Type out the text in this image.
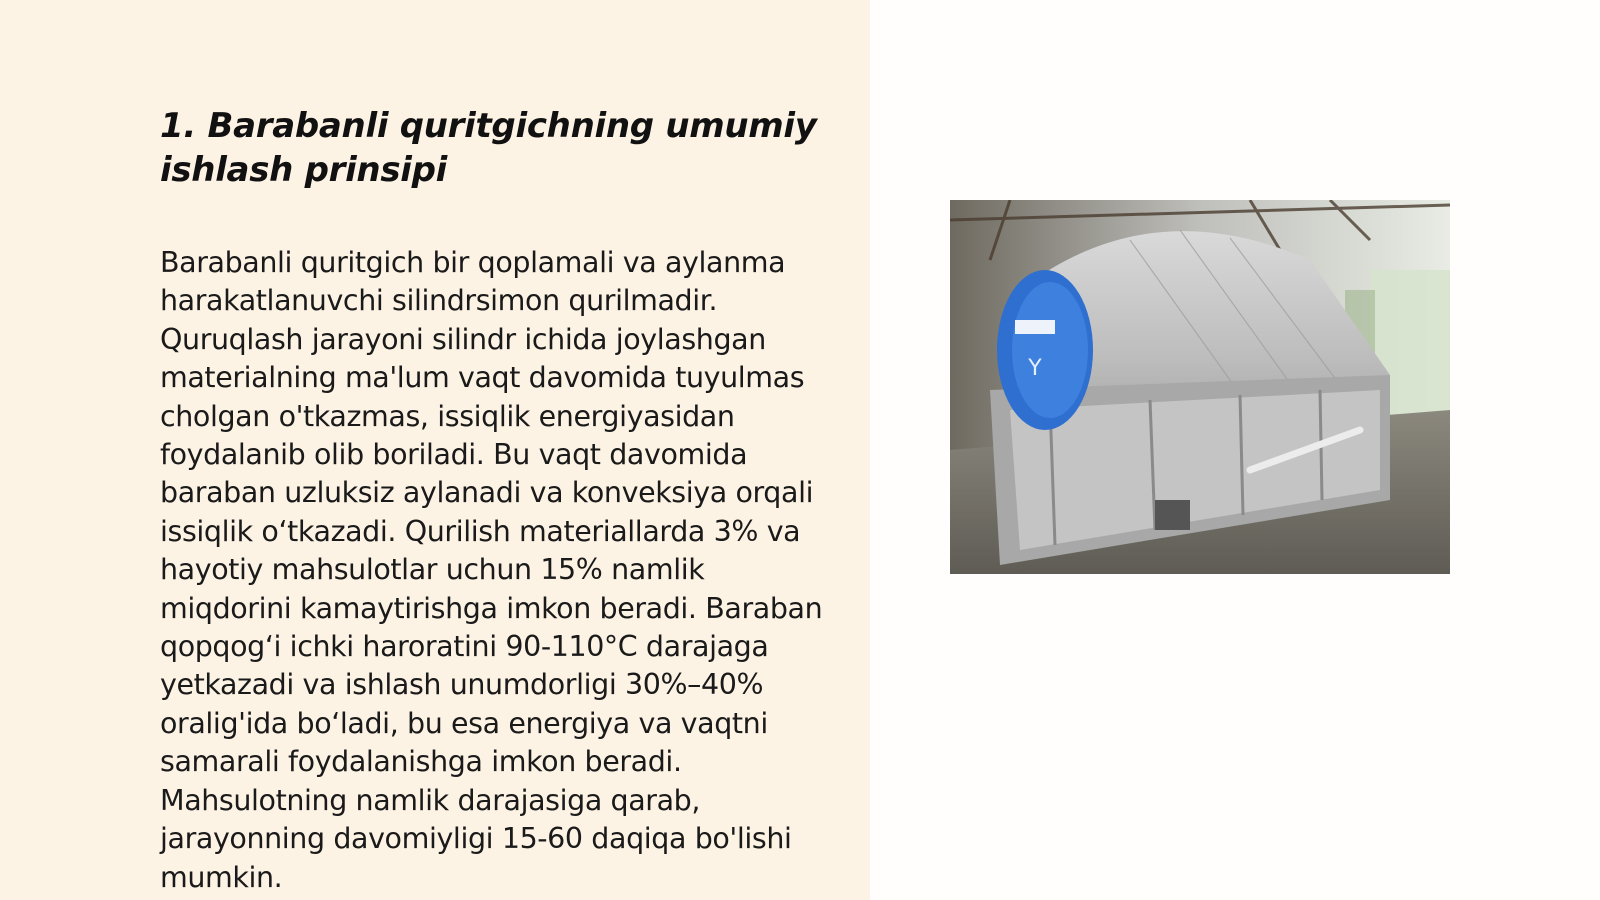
1. Barabanli quritgichning umumiy ishlash prinsipi

Barabanli quritgich bir qoplamali va aylanma harakatlanuvchi silindrsimon qurilmadir. Quruqlash jarayoni silindr ichida joylashgan materialning ma'lum vaqt davomida tuyulmas cholgan o'tkazmas, issiqlik energiyasidan foydalanib olib boriladi. Bu vaqt davomida baraban uzluksiz aylanadi va konveksiya orqali issiqlik o‘tkazadi. Qurilish materiallarda 3% va hayotiy mahsulotlar uchun 15% namlik miqdorini kamaytirishga imkon beradi. Baraban qopqog‘i ichki haroratini 90-110°C darajaga yetkazadi va ishlash unumdorligi 30%–40% oralig'ida bo‘ladi, bu esa energiya va vaqtni samarali foydalanishga imkon beradi. Mahsulotning namlik darajasiga qarab, jarayonning davomiyligi 15-60 daqiqa bo'lishi mumkin.

Y
